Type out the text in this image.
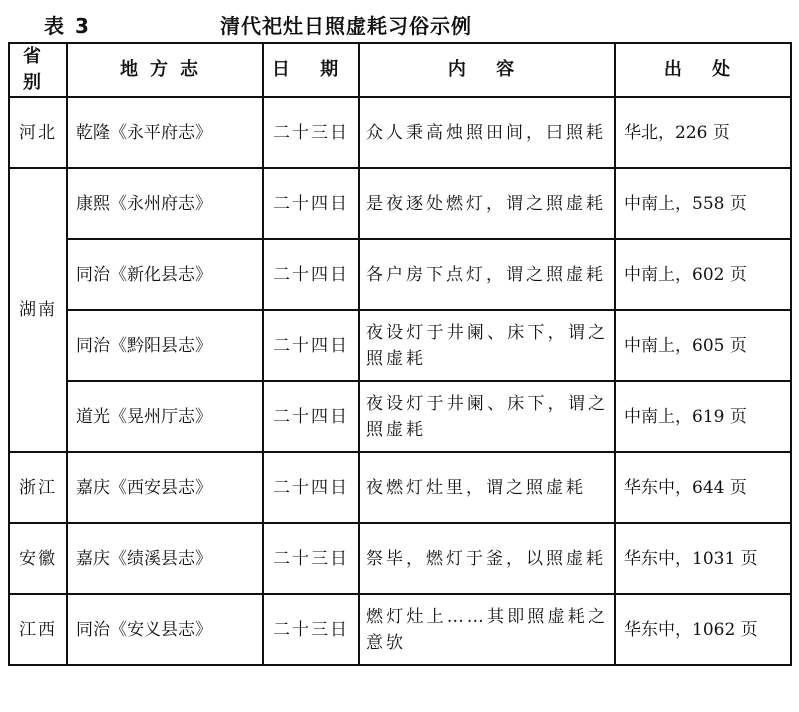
表 3	清代祀灶日照虚耗习俗示例
省别	地方志	日 期	内 容	出 处
河北	乾隆《永平府志》	二十三日	众人秉高烛照田间，曰照耗	华北，226 页
湖南	康熙《永州府志》	二十四日	是夜逐处燃灯，谓之照虚耗	中南上，558 页
	同治《新化县志》	二十四日	各户房下点灯，谓之照虚耗	中南上，602 页
	同治《黔阳县志》	二十四日	夜设灯于井阑、床下，谓之照虚耗	中南上，605 页
	道光《晃州厅志》	二十四日	夜设灯于井阑、床下，谓之照虚耗	中南上，619 页
浙江	嘉庆《西安县志》	二十四日	夜燃灯灶里，谓之照虚耗	华东中，644 页
安徽	嘉庆《绩溪县志》	二十三日	祭毕，燃灯于釜，以照虚耗	华东中，1031 页
江西	同治《安义县志》	二十三日	燃灯灶上……其即照虚耗之意欤	华东中，1062 页
